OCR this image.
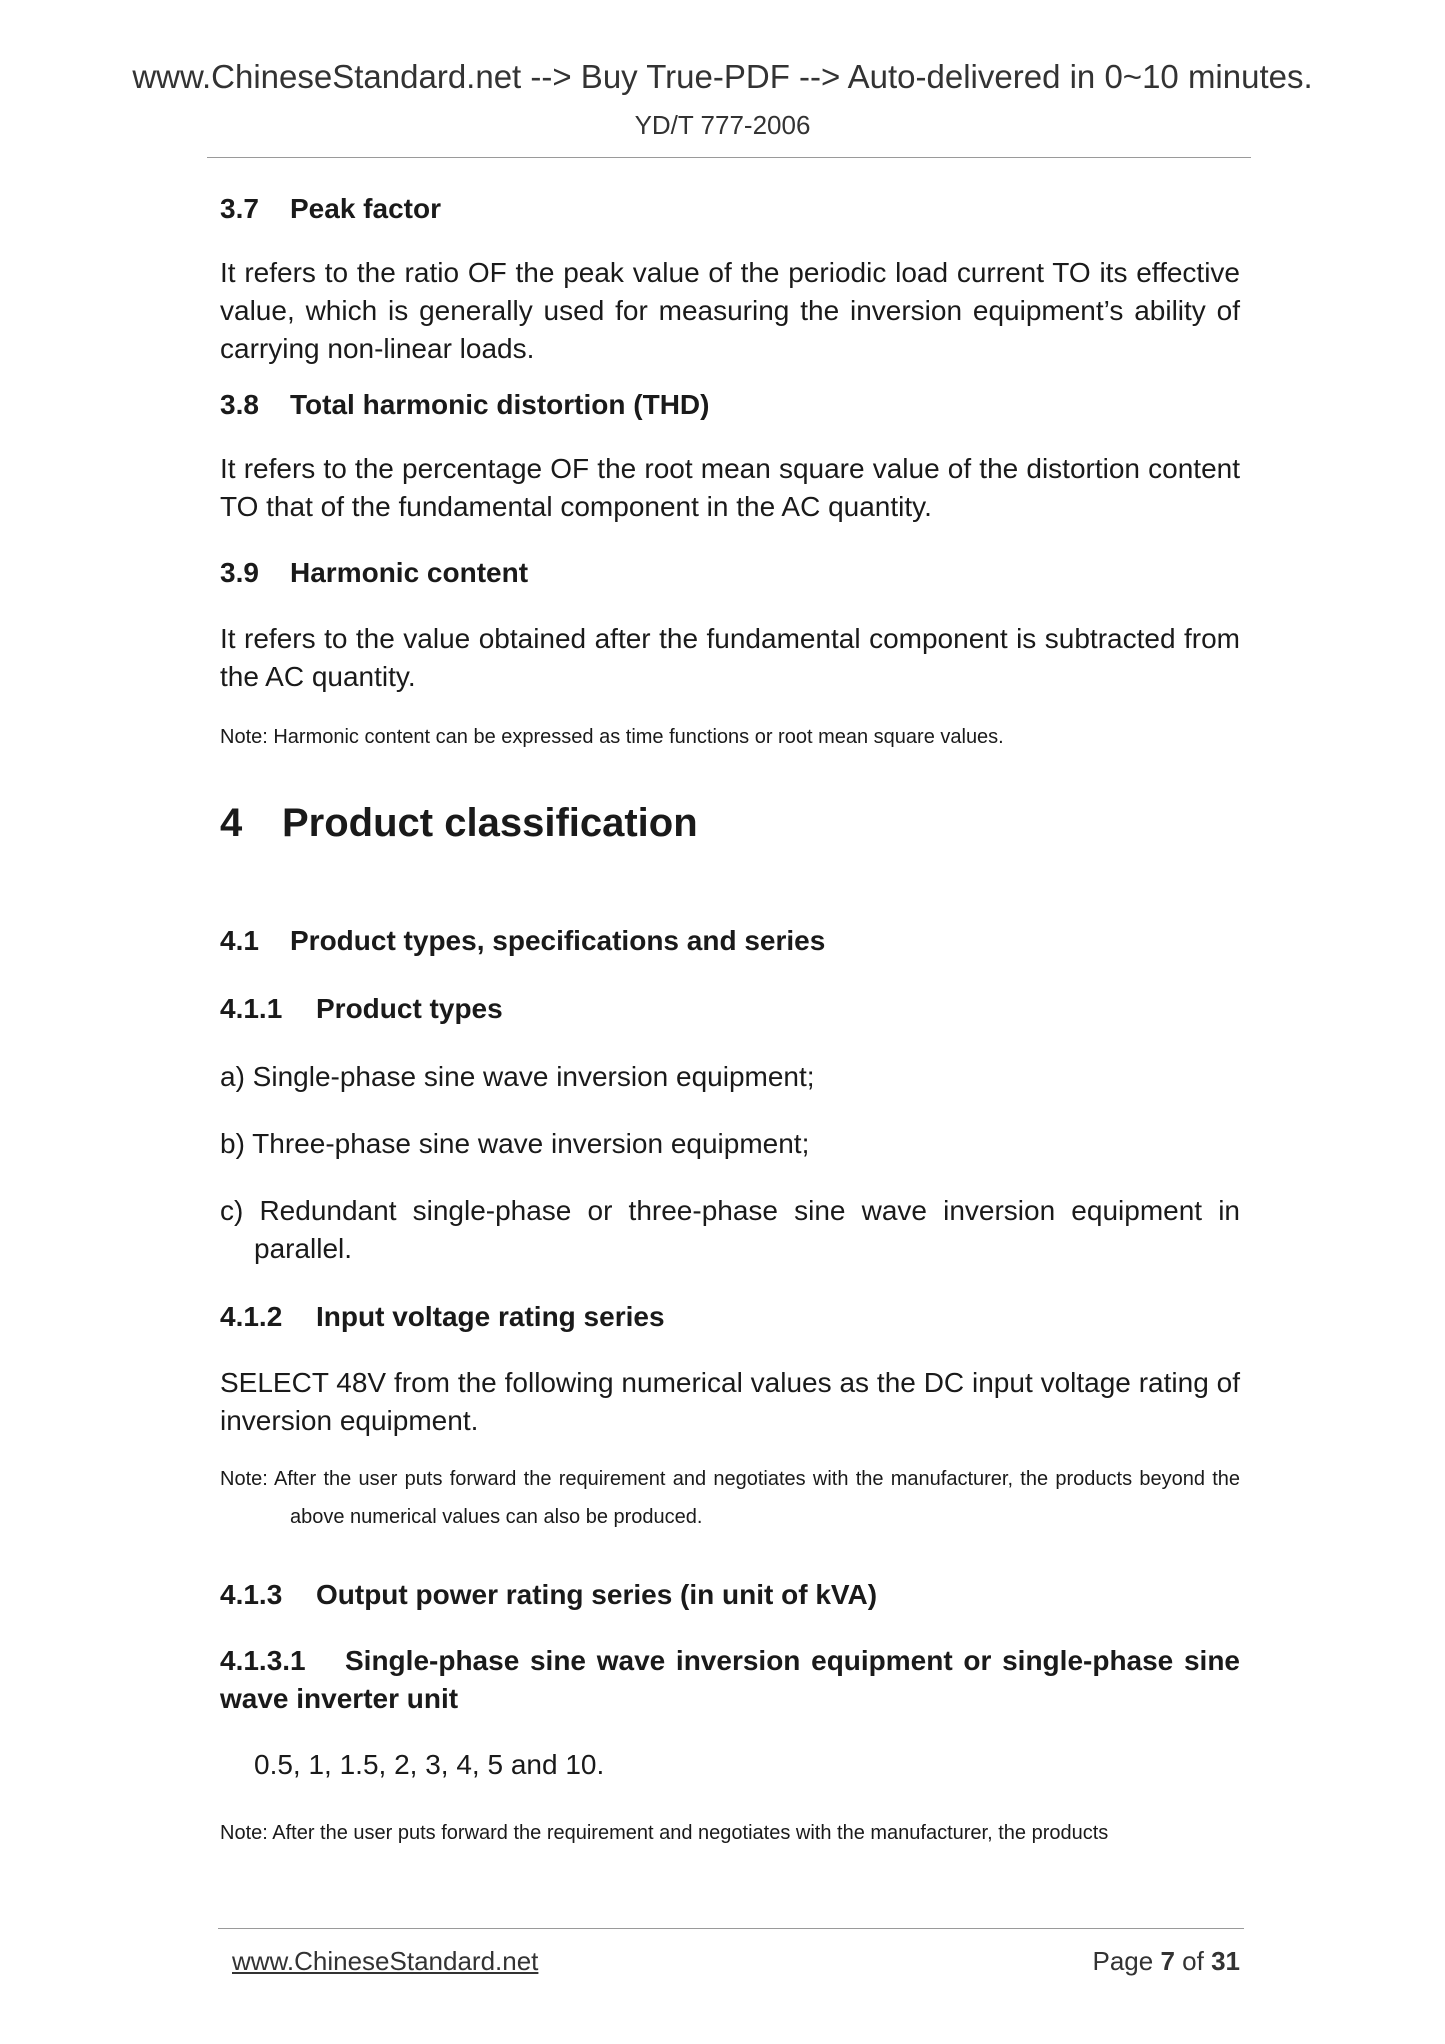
www.ChineseStandard.net --> Buy True-PDF --> Auto-delivered in 0~10 minutes.
YD/T 777-2006
3.7 Peak factor

It refers to the ratio OF the peak value of the periodic load current TO its effective value, which is generally used for measuring the inversion equipment’s ability of carrying non-linear loads.

3.8 Total harmonic distortion (THD)

It refers to the percentage OF the root mean square value of the distortion content TO that of the fundamental component in the AC quantity.

3.9 Harmonic content

It refers to the value obtained after the fundamental component is subtracted from the AC quantity.

Note: Harmonic content can be expressed as time functions or root mean square values.

4 Product classification
4.1 Product types, specifications and series
4.1.1 Product types

a) Single-phase sine wave inversion equipment;

b) Three-phase sine wave inversion equipment;

c) Redundant single-phase or three-phase sine wave inversion equipment in parallel.

4.1.2 Input voltage rating series

SELECT 48V from the following numerical values as the DC input voltage rating of inversion equipment.

Note: After the user puts forward the requirement and negotiates with the manufacturer, the products beyond the above numerical values can also be produced.

4.1.3 Output power rating series (in unit of kVA)

4.1.3.1 Single-phase sine wave inversion equipment or single-phase sine wave inverter unit

0.5, 1, 1.5, 2, 3, 4, 5 and 10.

Note: After the user puts forward the requirement and negotiates with the manufacturer, the products

www.ChineseStandard.net	Page 7 of 31
